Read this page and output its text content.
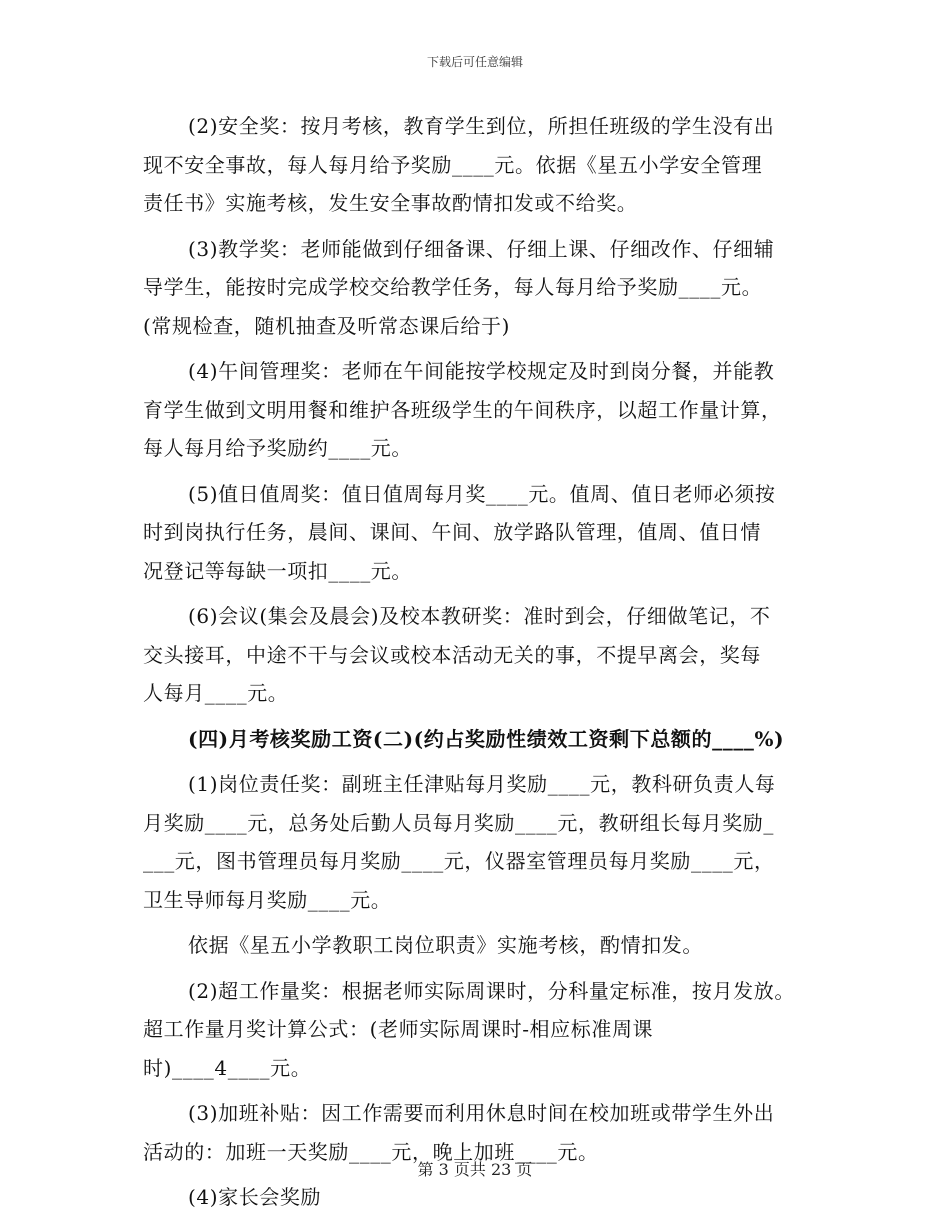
下载后可任意编辑
(2)安全奖：按月考核，教育学生到位，所担任班级的学生没有出
现不安全事故，每人每月给予奖励____元。依据《星五小学安全管理
责任书》实施考核，发生安全事故酌情扣发或不给奖。
(3)教学奖：老师能做到仔细备课、仔细上课、仔细改作、仔细辅
导学生，能按时完成学校交给教学任务，每人每月给予奖励____元。
(常规检查，随机抽查及听常态课后给于)
(4)午间管理奖：老师在午间能按学校规定及时到岗分餐，并能教
育学生做到文明用餐和维护各班级学生的午间秩序，以超工作量计算，
每人每月给予奖励约____元。
(5)值日值周奖：值日值周每月奖____元。值周、值日老师必须按
时到岗执行任务，晨间、课间、午间、放学路队管理，值周、值日情
况登记等每缺一项扣____元。
(6)会议(集会及晨会)及校本教研奖：准时到会，仔细做笔记，不
交头接耳，中途不干与会议或校本活动无关的事，不提早离会，奖每
人每月____元。
(四)月考核奖励工资(二)(约占奖励性绩效工资剩下总额的____%)
(1)岗位责任奖：副班主任津贴每月奖励____元，教科研负责人每
月奖励____元，总务处后勤人员每月奖励____元，教研组长每月奖励_
___元，图书管理员每月奖励____元，仪器室管理员每月奖励____元，
卫生导师每月奖励____元。
依据《星五小学教职工岗位职责》实施考核，酌情扣发。
(2)超工作量奖：根据老师实际周课时，分科量定标准，按月发放。
超工作量月奖计算公式：(老师实际周课时-相应标准周课
时)____4____元。
(3)加班补贴：因工作需要而利用休息时间在校加班或带学生外出
活动的：加班一天奖励____元，晚上加班____元。
(4)家长会奖励
第 3 页共 23 页
